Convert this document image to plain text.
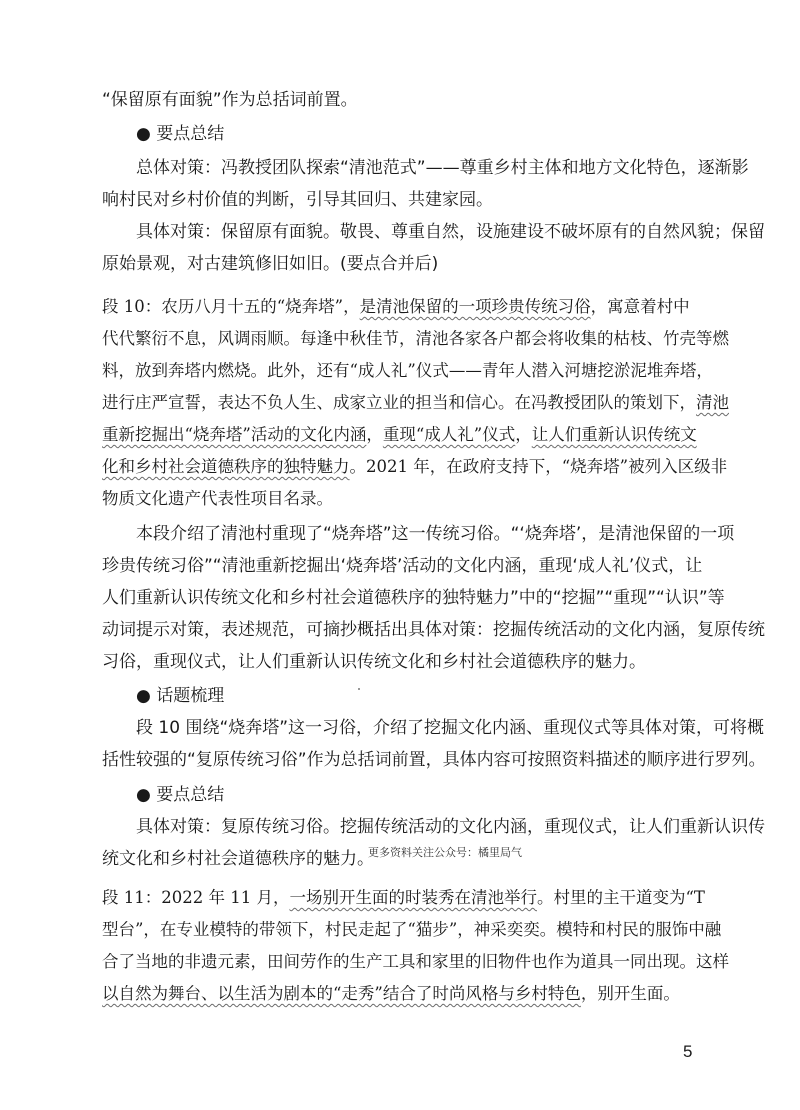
“保留原有面貌”作为总括词前置。

● 要点总结

总体对策：冯教授团队探索“清池范式”——尊重乡村主体和地方文化特色，逐渐影

响村民对乡村价值的判断，引导其回归、共建家园。

具体对策：保留原有面貌。敬畏、尊重自然，设施建设不破坏原有的自然风貌；保留

原始景观，对古建筑修旧如旧。(要点合并后)

段 10：农历八月十五的“烧奔塔”，是清池保留的一项珍贵传统习俗，寓意着村中

代代繁衍不息，风调雨顺。每逢中秋佳节，清池各家各户都会将收集的枯枝、竹壳等燃

料，放到奔塔内燃烧。此外，还有“成人礼”仪式——青年人潜入河塘挖淤泥堆奔塔，

进行庄严宣誓，表达不负人生、成家立业的担当和信心。在冯教授团队的策划下，清池

重新挖掘出“烧奔塔”活动的文化内涵，重现“成人礼”仪式，让人们重新认识传统文

化和乡村社会道德秩序的独特魅力。2021 年，在政府支持下，“烧奔塔”被列入区级非

物质文化遗产代表性项目名录。

本段介绍了清池村重现了“烧奔塔”这一传统习俗。“‘烧奔塔’，是清池保留的一项

珍贵传统习俗”“清池重新挖掘出‘烧奔塔’活动的文化内涵，重现‘成人礼’仪式，让

人们重新认识传统文化和乡村社会道德秩序的独特魅力”中的“挖掘”“重现”“认识”等

动词提示对策，表述规范，可摘抄概括出具体对策：挖掘传统活动的文化内涵，复原传统

习俗，重现仪式，让人们重新认识传统文化和乡村社会道德秩序的魅力。

● 话题梳理

段 10 围绕“烧奔塔”这一习俗，介绍了挖掘文化内涵、重现仪式等具体对策，可将概

括性较强的“复原传统习俗”作为总括词前置，具体内容可按照资料描述的顺序进行罗列。

● 要点总结

具体对策：复原传统习俗。挖掘传统活动的文化内涵，重现仪式，让人们重新认识传

统文化和乡村社会道德秩序的魅力。

更多资料关注公众号：橘里局气

段 11：2022 年 11 月，一场别开生面的时装秀在清池举行。村里的主干道变为“T

型台”，在专业模特的带领下，村民走起了“猫步”，神采奕奕。模特和村民的服饰中融

合了当地的非遗元素，田间劳作的生产工具和家里的旧物件也作为道具一同出现。这样

以自然为舞台、以生活为剧本的“走秀”结合了时尚风格与乡村特色，别开生面。

5
